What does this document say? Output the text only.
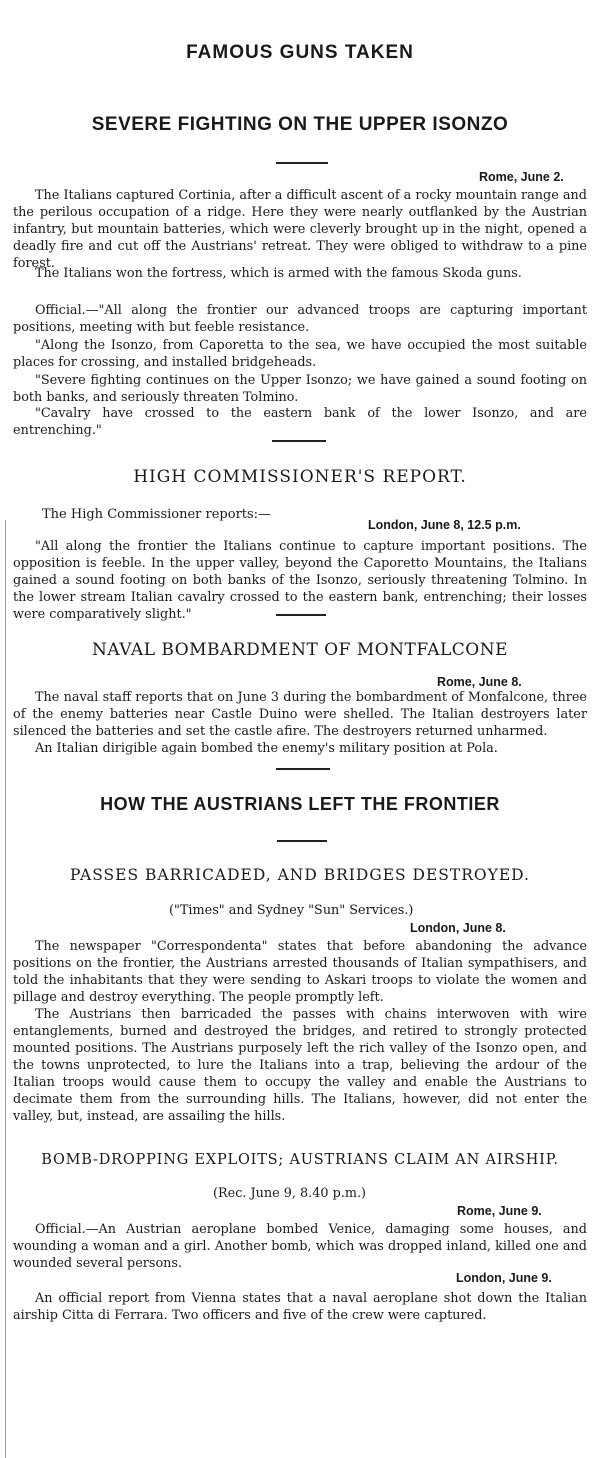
FAMOUS GUNS TAKEN
SEVERE FIGHTING ON THE UPPER ISONZO
Rome, June 2.

The Italians captured Cortinia, after a difficult ascent of a rocky mountain range and the perilous occupation of a ridge. Here they were nearly outflanked by the Austrian infantry, but mountain batteries, which were cleverly brought up in the night, opened a deadly fire and cut off the Austrians' retreat. They were obliged to withdraw to a pine forest.

The Italians won the fortress, which is armed with the famous Skoda guns.

Official.—"All along the frontier our advanced troops are capturing important positions, meeting with but feeble resistance.

"Along the Isonzo, from Caporetta to the sea, we have occupied the most suitable places for crossing, and installed bridgeheads.

"Severe fighting continues on the Upper Isonzo; we have gained a sound footing on both banks, and seriously threaten Tolmino.

"Cavalry have crossed to the eastern bank of the lower Isonzo, and are entrenching."

HIGH COMMISSIONER'S REPORT.
The High Commissioner reports:—
London, June 8, 12.5 p.m.

"All along the frontier the Italians continue to capture important positions. The opposition is feeble. In the upper valley, beyond the Caporetto Mountains, the Italians gained a sound footing on both banks of the Isonzo, seriously threatening Tolmino. In the lower stream Italian cavalry crossed to the eastern bank, entrenching; their losses were comparatively slight."

NAVAL BOMBARDMENT OF MONTFALCONE
Rome, June 8.

The naval staff reports that on June 3 during the bombardment of Monfalcone, three of the enemy batteries near Castle Duino were shelled. The Italian destroyers later silenced the batteries and set the castle afire. The destroyers returned unharmed.

An Italian dirigible again bombed the enemy's military position at Pola.

HOW THE AUSTRIANS LEFT THE FRONTIER
PASSES BARRICADED, AND BRIDGES DESTROYED.
("Times" and Sydney "Sun" Services.)
London, June 8.

The newspaper "Correspondenta" states that before abandoning the advance positions on the frontier, the Austrians arrested thousands of Italian sympathisers, and told the inhabitants that they were sending to Askari troops to violate the women and pillage and destroy everything. The people promptly left.

The Austrians then barricaded the passes with chains interwoven with wire entanglements, burned and destroyed the bridges, and retired to strongly protected mounted positions. The Austrians purposely left the rich valley of the Isonzo open, and the towns unprotected, to lure the Italians into a trap, believing the ardour of the Italian troops would cause them to occupy the valley and enable the Austrians to decimate them from the surrounding hills. The Italians, however, did not enter the valley, but, instead, are assailing the hills.

BOMB-DROPPING EXPLOITS; AUSTRIANS CLAIM AN AIRSHIP.
(Rec. June 9, 8.40 p.m.)
Rome, June 9.

Official.—An Austrian aeroplane bombed Venice, damaging some houses, and wounding a woman and a girl. Another bomb, which was dropped inland, killed one and wounded several persons.

London, June 9.

An official report from Vienna states that a naval aeroplane shot down the Italian airship Citta di Ferrara. Two officers and five of the crew were captured.
